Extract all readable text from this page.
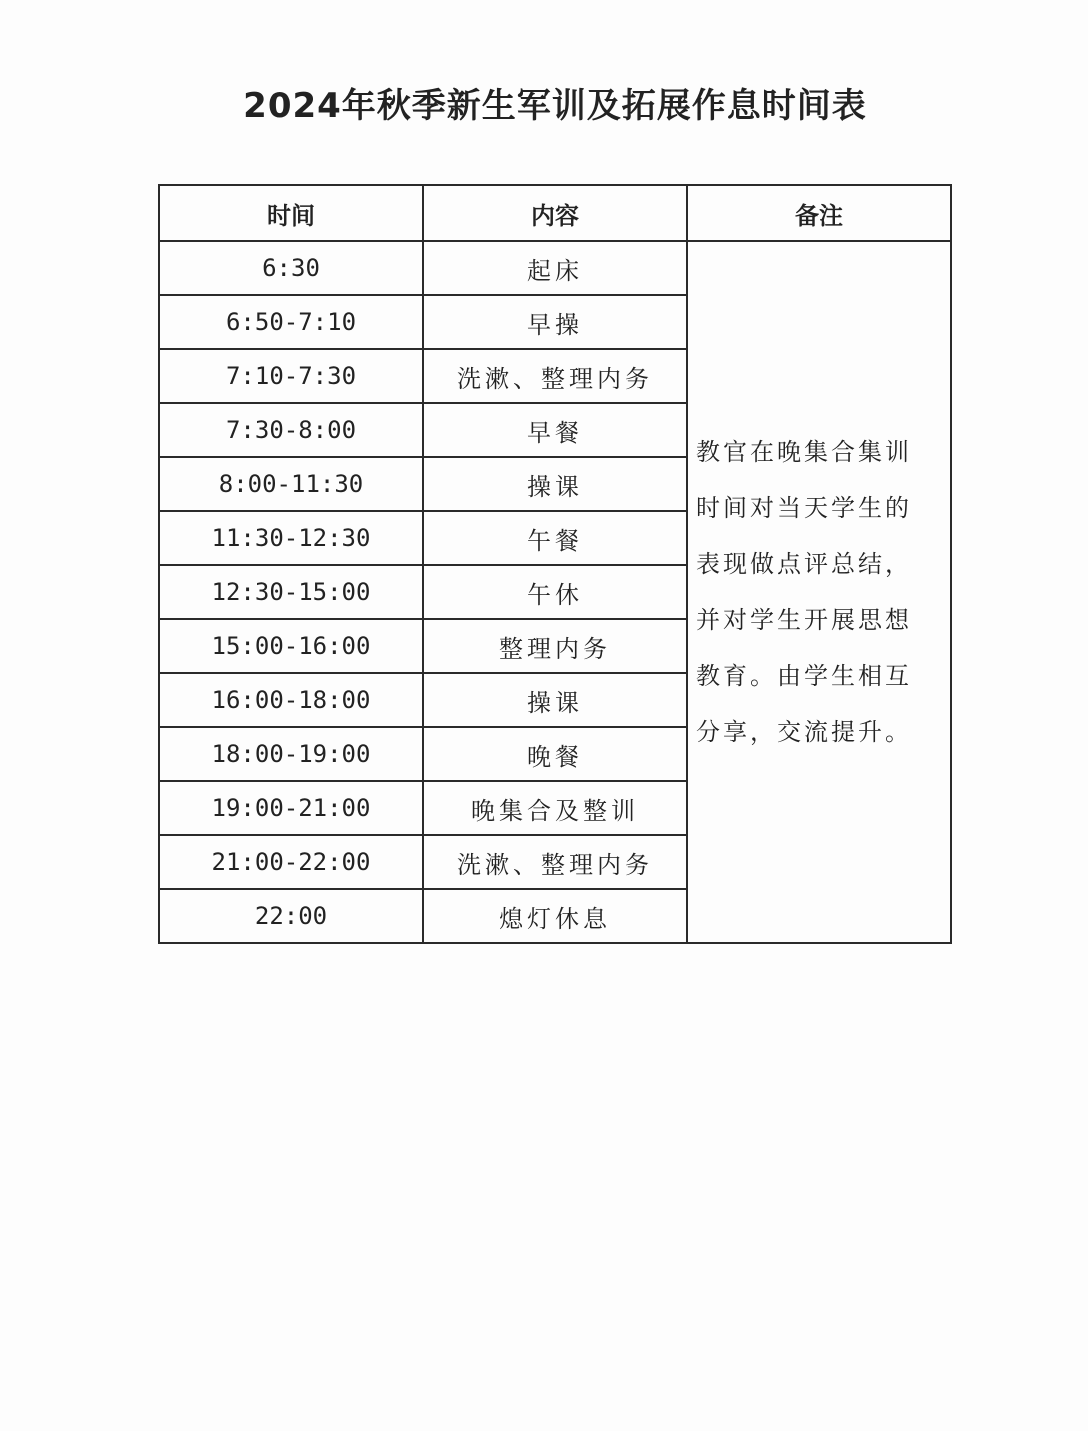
2024年秋季新生军训及拓展作息时间表
时间	内容	备注
6:30	起床	教官在晚集合集训时间对当天学生的表现做点评总结，并对学生开展思想教育。由学生相互分享，交流提升。

6:50-7:10	早操	
7:10-7:30	洗漱、整理内务	
7:30-8:00	早餐	
8:00-11:30	操课	
11:30-12:30	午餐	
12:30-15:00	午休	
15:00-16:00	整理内务	
16:00-18:00	操课	
18:00-19:00	晚餐	
19:00-21:00	晚集合及整训	
21:00-22:00	洗漱、整理内务	
22:00	熄灯休息	
